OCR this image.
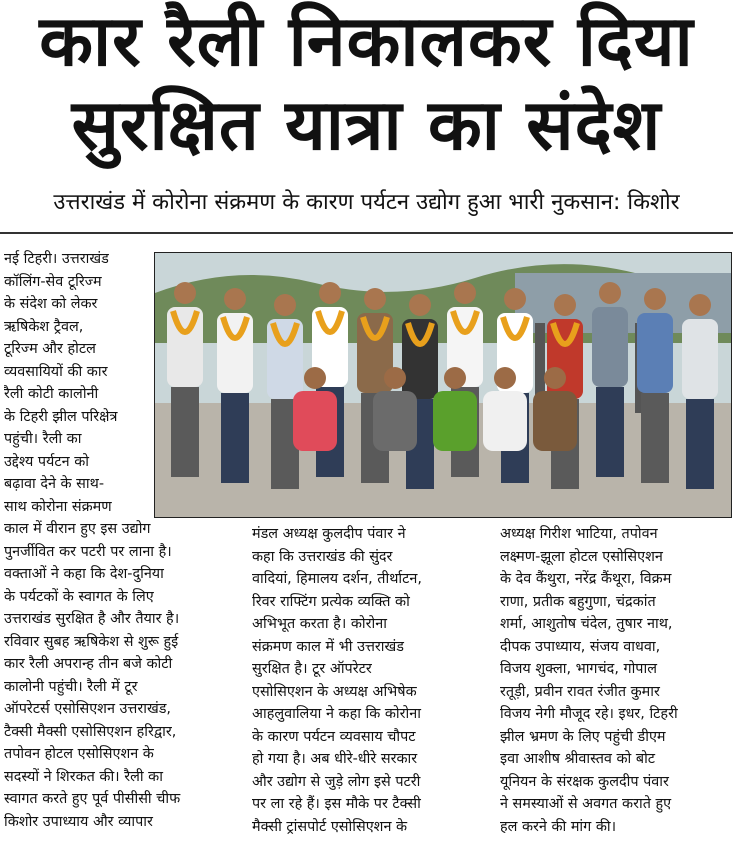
कार रैली निकालकर दिया
सुरक्षित यात्रा का संदेश
उत्तराखंड में कोरोना संक्रमण के कारण पर्यटन उद्योग हुआ भारी नुकसान: किशोर
नई टिहरी। उत्तराखंड
कॉलिंग-सेव टूरिज्म
के संदेश को लेकर
ऋषिकेश ट्रैवल,
टूरिज्म और होटल
व्यवसायियों की कार
रैली कोटी कालोनी
के टिहरी झील परिक्षेत्र
पहुंची। रैली का
उद्देश्य पर्यटन को
बढ़ावा देने के साथ-
साथ कोरोना संक्रमण
काल में वीरान हुए इस उद्योग
पुनर्जीवित कर पटरी पर लाना है।
वक्ताओं ने कहा कि देश-दुनिया
के पर्यटकों के स्वागत के लिए
उत्तराखंड सुरक्षित है और तैयार है।
रविवार सुबह ऋषिकेश से शुरू हुई
कार रैली अपरान्ह तीन बजे कोटी
कालोनी पहुंची। रैली में टूर
ऑपरेटर्स एसोसिएशन उत्तराखंड,
टैक्सी मैक्सी एसोसिएशन हरिद्वार,
तपोवन होटल एसोसिएशन के
सदस्यों ने शिरकत की। रैली का
स्वागत करते हुए पूर्व पीसीसी चीफ
किशोर उपाध्याय और व्यापार
मंडल अध्यक्ष कुलदीप पंवार ने
कहा कि उत्तराखंड की सुंदर
वादियां, हिमालय दर्शन, तीर्थाटन,
रिवर राफ्टिंग प्रत्येक व्यक्ति को
अभिभूत करता है। कोरोना
संक्रमण काल में भी उत्तराखंड
सुरक्षित है। टूर ऑपरेटर
एसोसिएशन के अध्यक्ष अभिषेक
आहलुवालिया ने कहा कि कोरोना
के कारण पर्यटन व्यवसाय चौपट
हो गया है। अब धीरे-धीरे सरकार
और उद्योग से जुड़े लोग इसे पटरी
पर ला रहे हैं। इस मौके पर टैक्सी
मैक्सी ट्रांसपोर्ट एसोसिएशन के
अध्यक्ष गिरीश भाटिया, तपोवन
लक्ष्मण-झूला होटल एसोसिएशन
के देव कैंथुरा, नरेंद्र कैंथूरा, विक्रम
राणा, प्रतीक बहुगुणा, चंद्रकांत
शर्मा, आशुतोष चंदेल, तुषार नाथ,
दीपक उपाध्याय, संजय वाधवा,
विजय शुक्ला, भागचंद, गोपाल
रतूड़ी, प्रवीन रावत रंजीत कुमार
विजय नेगी मौजूद रहे। इधर, टिहरी
झील भ्रमण के लिए पहुंची डीएम
इवा आशीष श्रीवास्तव को बोट
यूनियन के संरक्षक कुलदीप पंवार
ने समस्याओं से अवगत कराते हुए
हल करने की मांग की।
